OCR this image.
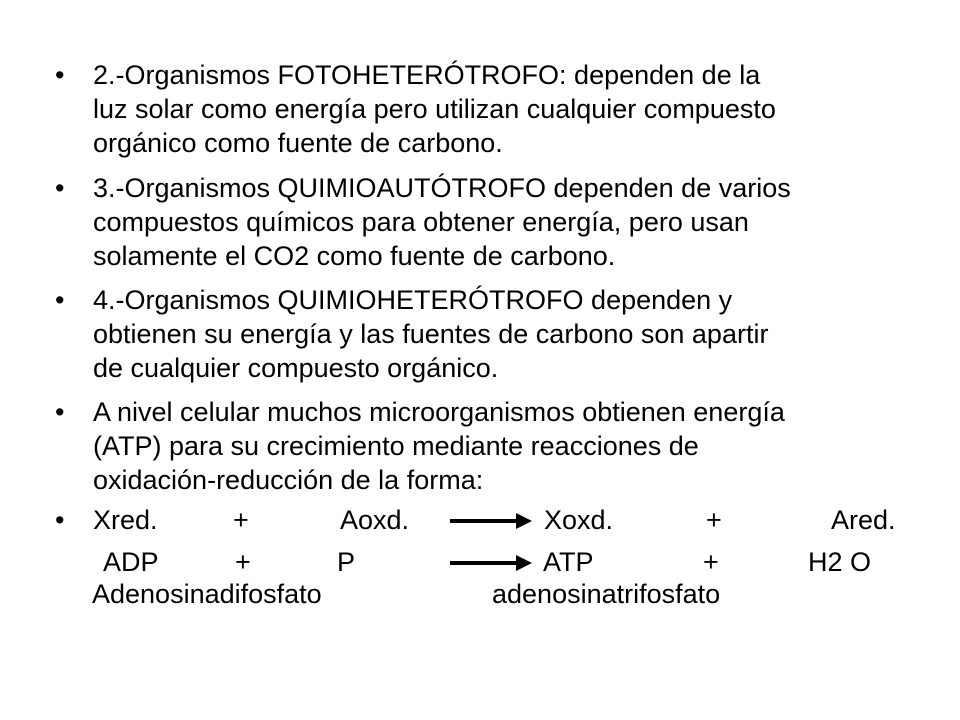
•	2.-Organismos FOTOHETERÓTROFO: dependen de la
luz solar como energía pero utilizan cualquier compuesto
orgánico como fuente de carbono.
•	3.-Organismos QUIMIOAUTÓTROFO dependen de varios
compuestos químicos para obtener energía, pero usan
solamente el CO2 como fuente de carbono.
•	4.-Organismos QUIMIOHETERÓTROFO dependen y
obtienen su energía y las fuentes de carbono son apartir
de cualquier compuesto orgánico.
•	A nivel celular muchos microorganismos obtienen energía
(ATP) para su crecimiento mediante reacciones de
oxidación-reducción de la forma:
• Xred.	+	Aoxd. → Xoxd.	+	Ared.
ADP	+	P	→ ATP	+	H2 O
Adenosinadifosfato	adenosinatrifosfato
